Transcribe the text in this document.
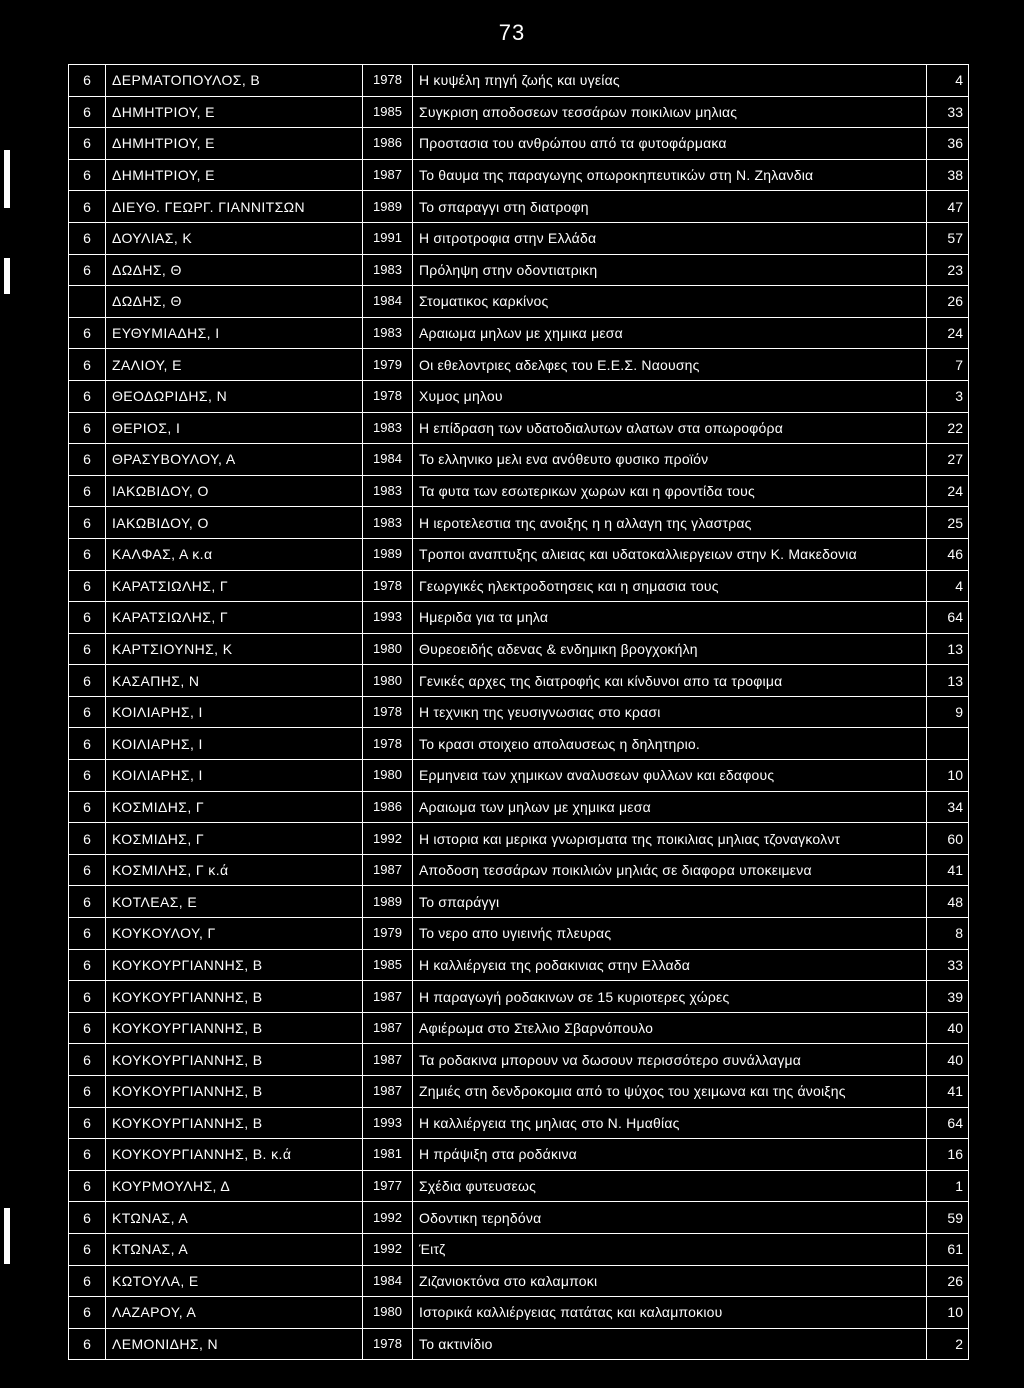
73
6	ΔΕΡΜΑΤΟΠΟΥΛΟΣ, Β	1978	Η κυψέλη πηγή ζωής και υγείας	4
6	ΔΗΜΗΤΡΙΟΥ, Ε	1985	Συγκριση αποδοσεων τεσσάρων ποικιλιων μηλιας	33
6	ΔΗΜΗΤΡΙΟΥ, Ε	1986	Προστασια του ανθρώπου από τα φυτοφάρμακα	36
6	ΔΗΜΗΤΡΙΟΥ, Ε	1987	Το θαυμα της παραγωγης οπωροκηπευτικών στη Ν. Ζηλανδια	38
6	ΔΙΕΥΘ. ΓΕΩΡΓ. ΓΙΑΝΝΙΤΣΩΝ	1989	Το σπαραγγι στη διατροφη	47
6	ΔΟΥΛΙΑΣ, Κ	1991	Η σιτροτροφια στην Ελλάδα	57
6	ΔΩΔΗΣ, Θ	1983	Πρόληψη στην οδοντιατρικη	23
	ΔΩΔΗΣ, Θ	1984	Στοματικος καρκίνος	26
6	ΕΥΘΥΜΙΑΔΗΣ, Ι	1983	Αραιωμα μηλων με χημικα μεσα	24
6	ΖΑΛΙΟΥ, Ε	1979	Οι εθελοντριες αδελφες του Ε.Ε.Σ. Ναουσης	7
6	ΘΕΟΔΩΡΙΔΗΣ, Ν	1978	Χυμος μηλου	3
6	ΘΕΡΙΟΣ, Ι	1983	Η επίδραση των υδατοδιαλυτων αλατων στα οπωροφόρα	22
6	ΘΡΑΣΥΒΟΥΛΟΥ, Α	1984	Το ελληνικο μελι ενα ανόθευτο φυσικο προϊόν	27
6	ΙΑΚΩΒΙΔΟΥ, Ο	1983	Τα φυτα των εσωτερικων χωρων και η φροντίδα τους	24
6	ΙΑΚΩΒΙΔΟΥ, Ο	1983	Η ιεροτελεστια της ανοιξης η η αλλαγη της γλαστρας	25
6	ΚΑΛΦΑΣ, Α κ.α	1989	Τροποι αναπτυξης αλιειας και υδατοκαλλιεργειων στην Κ. Μακεδονια	46
6	ΚΑΡΑΤΣΙΩΛΗΣ, Γ	1978	Γεωργικές ηλεκτροδοτησεις και η σημασια τους	4
6	ΚΑΡΑΤΣΙΩΛΗΣ, Γ	1993	Ημεριδα για τα μηλα	64
6	ΚΑΡΤΣΙΟΥΝΗΣ, Κ	1980	Θυρεοειδής αδενας & ενδημικη βρογχοκήλη	13
6	ΚΑΣΑΠΗΣ, Ν	1980	Γενικές αρχες της διατροφής και κίνδυνοι απο τα τροφιμα	13
6	ΚΟΙΛΙΑΡΗΣ, Ι	1978	Η τεχνικη της γευσιγνωσιας στο κρασι	9
6	ΚΟΙΛΙΑΡΗΣ, Ι	1978	Το κρασι στοιχειο απολαυσεως η δηλητηριο.	
6	ΚΟΙΛΙΑΡΗΣ, Ι	1980	Ερμηνεια των χημικων αναλυσεων φυλλων και εδαφους	10
6	ΚΟΣΜΙΔΗΣ, Γ	1986	Αραιωμα των μηλων με χημικα μεσα	34
6	ΚΟΣΜΙΔΗΣ, Γ	1992	Η ιστορια και μερικα γνωρισματα της ποικιλιας μηλιας τζοναγκολντ	60
6	ΚΟΣΜΙΛΗΣ, Γ κ.ά	1987	Αποδοση τεσσάρων ποικιλιών μηλιάς σε διαφορα υποκειμενα	41
6	ΚΟΤΛΕΑΣ, Ε	1989	Το σπαράγγι	48
6	ΚΟΥΚΟΥΛΟΥ, Γ	1979	Το νερο απο υγιεινής πλευρας	8
6	ΚΟΥΚΟΥΡΓΙΑΝΝΗΣ, Β	1985	Η καλλιέργεια της ροδακινιας στην Ελλαδα	33
6	ΚΟΥΚΟΥΡΓΙΑΝΝΗΣ, Β	1987	Η παραγωγή ροδακινων σε 15 κυριοτερες χώρες	39
6	ΚΟΥΚΟΥΡΓΙΑΝΝΗΣ, Β	1987	Αφιέρωμα στο Στελλιο Σβαρνόπουλο	40
6	ΚΟΥΚΟΥΡΓΙΑΝΝΗΣ, Β	1987	Τα ροδακινα μπορουν να δωσουν περισσότερο συνάλλαγμα	40
6	ΚΟΥΚΟΥΡΓΙΑΝΝΗΣ, Β	1987	Ζημιές στη δενδροκομια από το ψύχος του χειμωνα και της άνοιξης	41
6	ΚΟΥΚΟΥΡΓΙΑΝΝΗΣ, Β	1993	Η καλλιέργεια της μηλιας στο Ν. Ημαθίας	64
6	ΚΟΥΚΟΥΡΓΙΑΝΝΗΣ, Β. κ.ά	1981	Η πράψιξη στα ροδάκινα	16
6	ΚΟΥΡΜΟΥΛΗΣ, Δ	1977	Σχέδια φυτευσεως	1
6	ΚΤΩΝΑΣ, Α	1992	Οδοντικη τερηδόνα	59
6	ΚΤΩΝΑΣ, Α	1992	Έιτζ	61
6	ΚΩΤΟΥΛΑ, Ε	1984	Ζιζανιοκτόνα στο καλαμποκι	26
6	ΛΑΖΑΡΟΥ, Α	1980	Ιστορικά καλλιέργειας πατάτας και καλαμποκιου	10
6	ΛΕΜΟΝΙΔΗΣ, Ν	1978	Το ακτινίδιο	2
